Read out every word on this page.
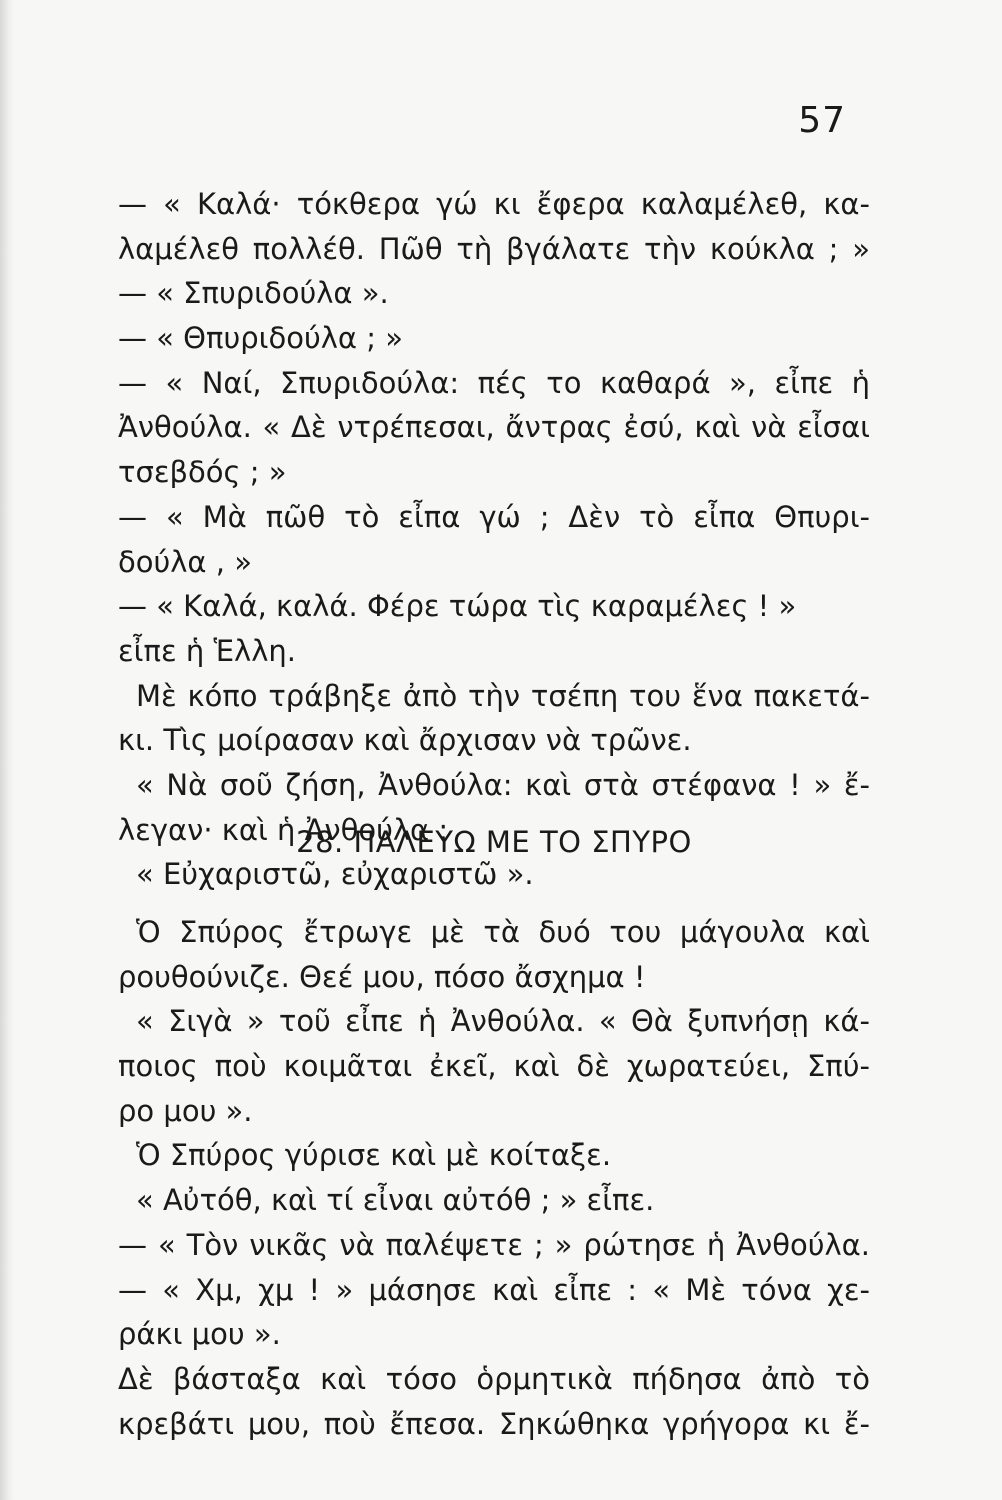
57
— « Καλά· τόκθερα γώ κι ἔφερα καλαμέλεθ, κα-
λαμέλεθ πολλέθ. Πῶθ τὴ βγάλατε τὴν κούκλα ; »
— « Σπυριδούλα ».
— « Θπυριδούλα ; »
— « Ναί, Σπυριδούλα: πές το καθαρά », εἶπε ἡ
Ἀνθούλα. « Δὲ ντρέπεσαι, ἄντρας ἐσύ, καὶ νὰ εἶσαι
τσεβδός ; »
— « Μὰ πῶθ τὸ εἶπα γώ ; Δὲν τὸ εἶπα Θπυρι-
δούλα , »
— « Καλά, καλά. Φέρε τώρα τὶς καραμέλες ! »
εἶπε ἡ Ἑλλη.
Μὲ κόπο τράβηξε ἀπὸ τὴν τσέπη του ἕνα πακετά-
κι. Τὶς μοίρασαν καὶ ἄρχισαν νὰ τρῶνε.
« Νὰ σοῦ ζήση, Ἀνθούλα: καὶ στὰ στέφανα ! » ἔ-
λεγαν· καὶ ἡ Ἀνθούλα :
« Εὐχαριστῶ, εὐχαριστῶ ».
28. ΠΑΛΕΥΩ ΜΕ ΤΟ ΣΠΥΡΟ
Ὁ Σπύρος ἔτρωγε μὲ τὰ δυό του μάγουλα καὶ
ρουθούνιζε. Θεέ μου, πόσο ἄσχημα !
« Σιγὰ » τοῦ εἶπε ἡ Ἀνθούλα. « Θὰ ξυπνήσῃ κά-
ποιος ποὺ κοιμᾶται ἐκεῖ, καὶ δὲ χωρατεύει, Σπύ-
ρο μου ».
Ὁ Σπύρος γύρισε καὶ μὲ κοίταξε.
« Αὐτόθ, καὶ τί εἶναι αὐτόθ ; » εἶπε.
— « Τὸν νικᾶς νὰ παλέψετε ; » ρώτησε ἡ Ἀνθούλα.
— « Χμ, χμ ! » μάσησε καὶ εἶπε : « Μὲ τόνα χε-
ράκι μου ».
Δὲ βάσταξα καὶ τόσο ὁρμητικὰ πήδησα ἀπὸ τὸ
κρεβάτι μου, ποὺ ἔπεσα. Σηκώθηκα γρήγορα κι ἔ-
